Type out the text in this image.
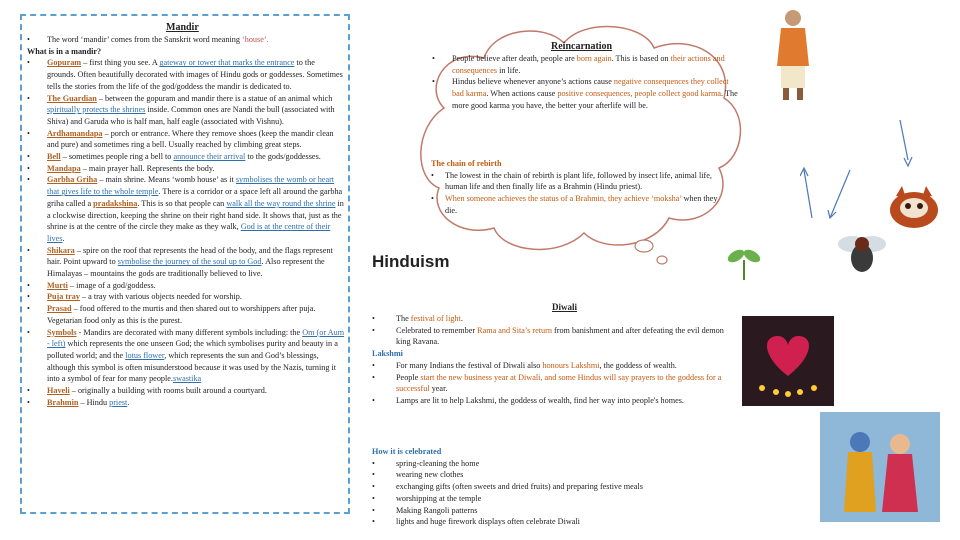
Mandir

• The word ‘mandir’ comes from the Sanskrit word meaning ‘house’.

What is in a mandir?

• Gopuram – first thing you see. A gateway or tower that marks the entrance to the grounds. Often beautifully decorated with images of Hindu gods or goddesses. Sometimes tells the stories from the life of the god/goddess the mandir is dedicated to.

• The Guardian – between the gopuram and mandir there is a statue of an animal which spiritually protects the shrines inside. Common ones are Nandi the bull (associated with Shiva) and Garuda who is half man, half eagle (associated with Vishnu).

• Ardhamandapa – porch or entrance. Where they remove shoes (keep the mandir clean and pure) and sometimes ring a bell. Usually reached by climbing great steps.

• Bell – sometimes people ring a bell to announce their arrival to the gods/goddesses.

• Mandapa – main prayer hall. Represents the body.

• Garbha Griha – main shrine. Means ‘womb house’ as it symbolises the womb or heart that gives life to the whole temple. There is a corridor or a space left all around the garbha griha called a pradakshina. This is so that people can walk all the way round the shrine in a clockwise direction, keeping the shrine on their right hand side. It shows that, just as the shrine is at the centre of the circle they make as they walk, God is at the centre of their lives.

• Shikara – spire on the roof that represents the head of the body, and the flags represent hair. Point upward to symbolise the journey of the soul up to God. Also represent the Himalayas – mountains the gods are traditionally believed to live.

• Murti – image of a god/goddess.

• Puja tray – a tray with various objects needed for worship.

• Prasad – food offered to the murtis and then shared out to worshippers after puja. Vegetarian food only as this is the purest.

• Symbols - Mandirs are decorated with many different symbols including: the Om (or Aum - left) which represents the one unseen God; the which symbolises purity and beauty in a polluted world; and the lotus flower, which represents the sun and God’s blessings, although this symbol is often misunderstood because it was used by the Nazis, turning it into a symbol of fear for many people.swastika

• Haveli – originally a building with rooms built around a courtyard.

• Brahmin – Hindu priest.

Reincarnation

• People believe after death, people are born again. This is based on their actions and consequences in life.

• Hindus believe whenever anyone’s actions cause negative consequences they collect bad karma. When actions cause positive consequences, people collect good karma. The more good karma you have, the better your afterlife will be.

The chain of rebirth

• The lowest in the chain of rebirth is plant life, followed by insect life, animal life, human life and then finally life as a Brahmin (Hindu priest).

• When someone achieves the status of a Brahmin, they achieve ‘moksha’ when they die.

Hinduism
Diwali

• The festival of light.

• Celebrated to remember Rama and Sita’s return from banishment and after defeating the evil demon king Ravana.

Lakshmi

• For many Indians the festival of Diwali also honours Lakshmi, the goddess of wealth.

• People start the new business year at Diwali, and some Hindus will say prayers to the goddess for a successful year.

• Lamps are lit to help Lakshmi, the goddess of wealth, find her way into people's homes.

How it is celebrated

• spring-cleaning the home

• wearing new clothes

• exchanging gifts (often sweets and dried fruits) and preparing festive meals

• worshipping at the temple

• Making Rangoli patterns

• lights and huge firework displays often celebrate Diwali
